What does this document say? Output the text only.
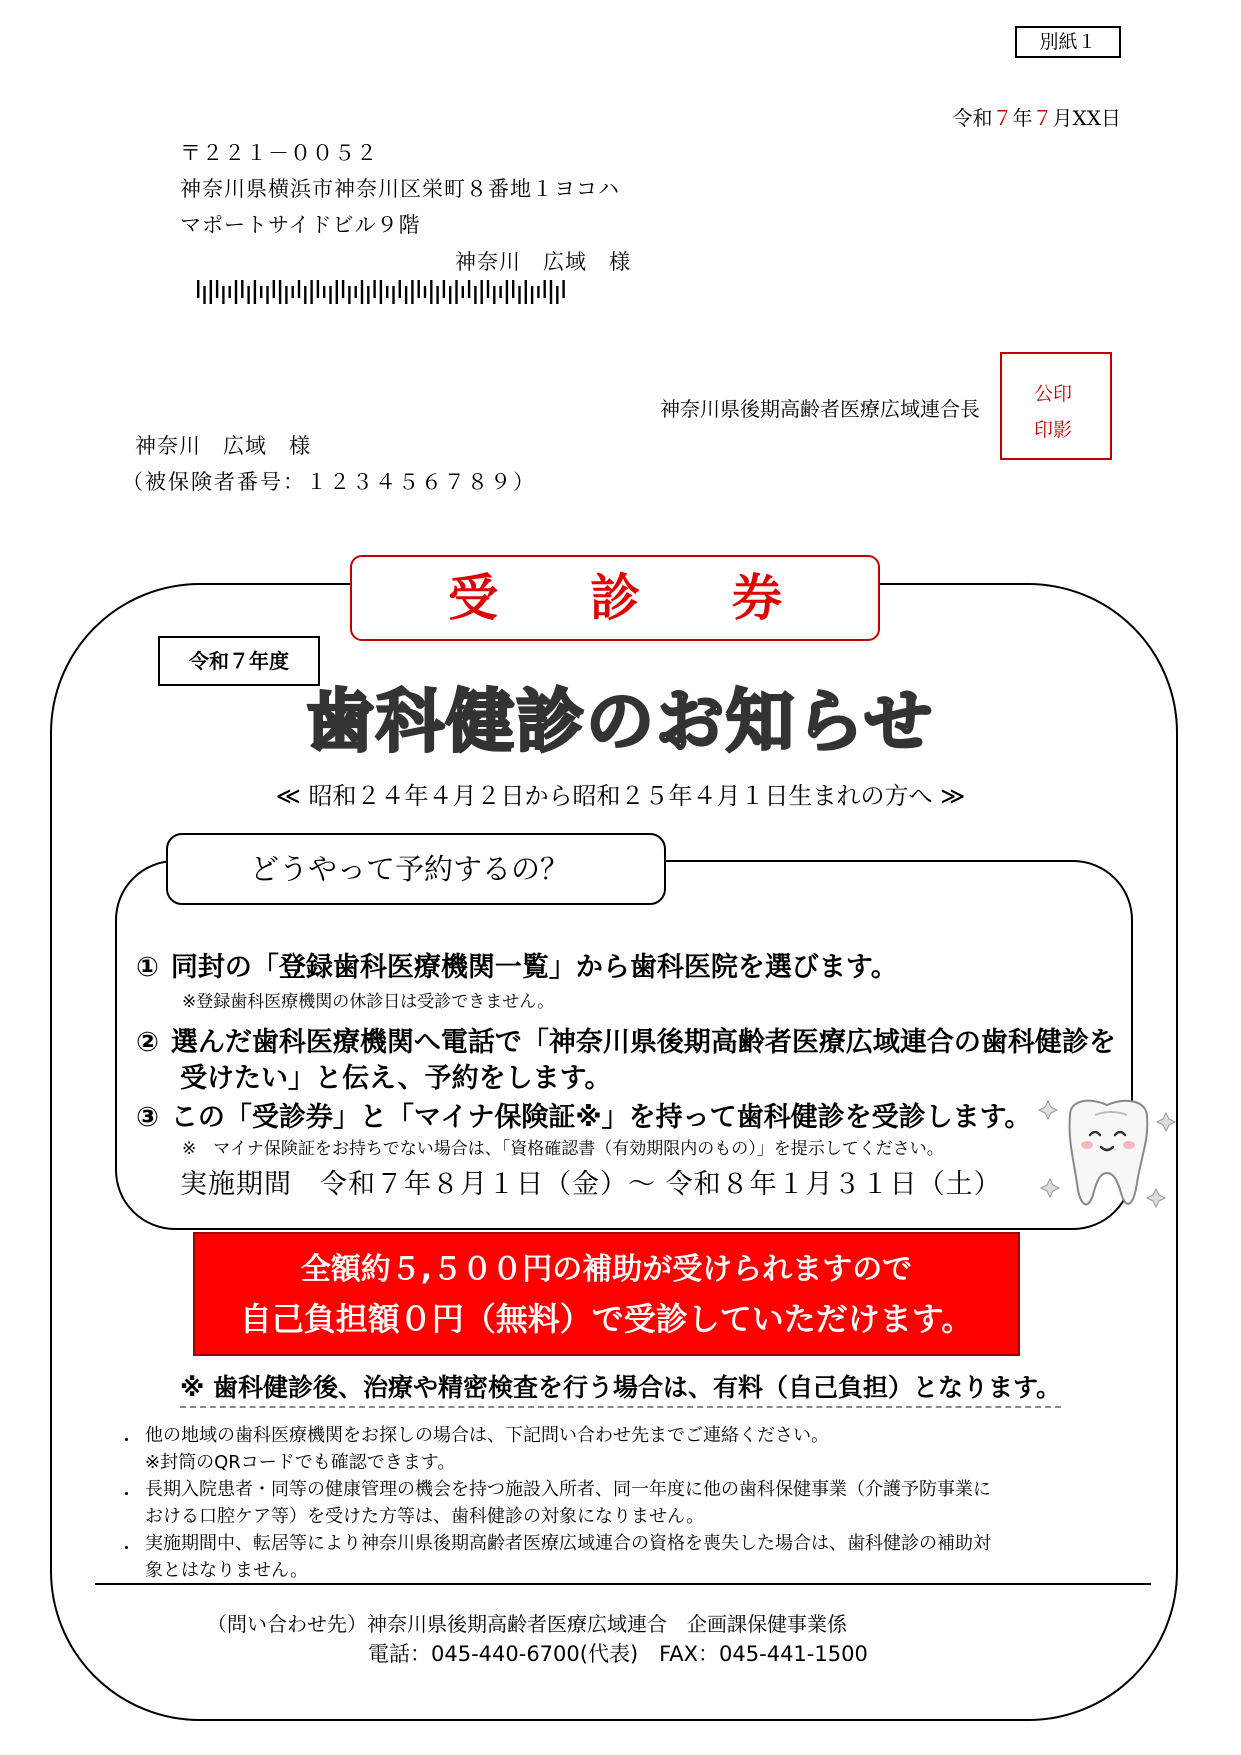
別紙１
令和７年７月XX日
〒２２１－００５２
神奈川県横浜市神奈川区栄町８番地１ヨコハ
マポートサイドビル９階
神奈川　広域　様
神奈川県後期高齢者医療広域連合長
公印
印影
神奈川　広域　様
（被保険者番号：１２３４５６７８９）
受診券
令和７年度
歯科健診のお知らせ
≪ 昭和２４年４月２日から昭和２５年４月１日生まれの方へ ≫
どうやって予約するの？
① 同封の「登録歯科医療機関一覧」から歯科医院を選びます。
※登録歯科医療機関の休診日は受診できません。
② 選んだ歯科医療機関へ電話で「神奈川県後期高齢者医療広域連合の歯科健診を
受けたい」と伝え、予約をします。
③ この「受診券」と「マイナ保険証※」を持って歯科健診を受診します。
※　マイナ保険証をお持ちでない場合は、「資格確認書（有効期限内のもの）」を提示してください。
実施期間　令和７年８月１日（金）～ 令和８年１月３１日（土）
全額約５,５００円の補助が受けられますので
自己負担額０円（無料）で受診していただけます。
※ 歯科健診後、治療や精密検査を行う場合は、有料（自己負担）となります。
・ 他の地域の歯科医療機関をお探しの場合は、下記問い合わせ先までご連絡ください。
※封筒のQRコードでも確認できます。
・ 長期入院患者・同等の健康管理の機会を持つ施設入所者、同一年度に他の歯科保健事業（介護予防事業に
おける口腔ケア等）を受けた方等は、歯科健診の対象になりません。
・ 実施期間中、転居等により神奈川県後期高齢者医療広域連合の資格を喪失した場合は、歯科健診の補助対
象とはなりません。
（問い合わせ先）神奈川県後期高齢者医療広域連合　企画課保健事業係
電話：045-440-6700(代表)　FAX：045-441-1500
